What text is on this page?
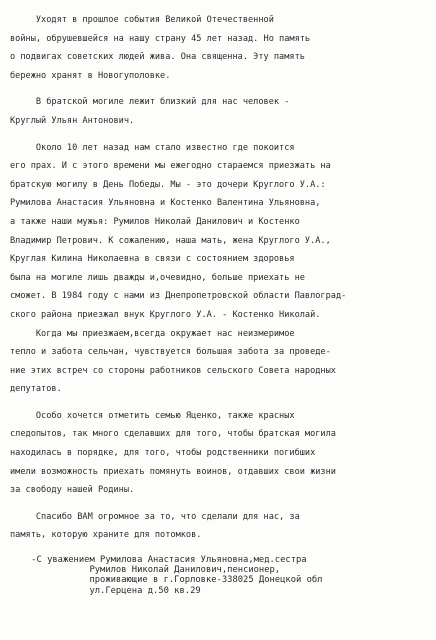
Уходят в прошлое события Великой Отечественной
войны, обрушевшейся на нашу страну 45 лет назад. Но память
о подвигах советских людей жива. Она священна. Эту память
бережно хранят в Новогуполовке.
В братской могиле лежит близкий для нас человек -
Круглый Ульян Антонович.
Около 10 лет назад нам стало известно где покоится
его прах. И с этого времени мы ежегодно стараемся приезжать на
братскую могилу в День Победы. Мы - это дочери Круглого У.А.:
Румилова Анастасия Ульяновна и Костенко Валентина Ульяновна,
а также наши мужья: Румилов Николай Данилович и Костенко
Владимир Петрович. К сожалению, наша мать, жена Круглого У.А.,
Круглая Килина Николаевна в связи с состоянием здоровья
была на могиле лишь дважды и,очевидно, больше приехать не
сможет. В 1984 году с нами из Днепропетровской области Павлоград-
ского района приезжал внук Круглого У.А. - Костенко Николай.
Когда мы приезжаем,всегда окружает нас неизмеримое
тепло и забота сельчан, чувствуется большая забота за проведе-
ние этих встреч со стороны работников сельского Совета народных
депутатов.
Особо хочется отметить семью Яценко, также красных
следопытов, так много сделавших для того, чтобы братская могила
находилась в порядке, для того, чтобы родственники погибших
имели возможность приехать помянуть воинов, отдавших свои жизни
за свободу нашей Родины.
Спасибо ВАМ огромное за то, что сделали для нас, за
память, которую храните для потомков.
-С уважением Румилова Анастасия Ульяновна,мед.сестра
Румилов Николай Данилович,пенсионер,
проживающие в г.Горловке-338025 Донецкой обл
ул.Герцена д.50 кв.29
